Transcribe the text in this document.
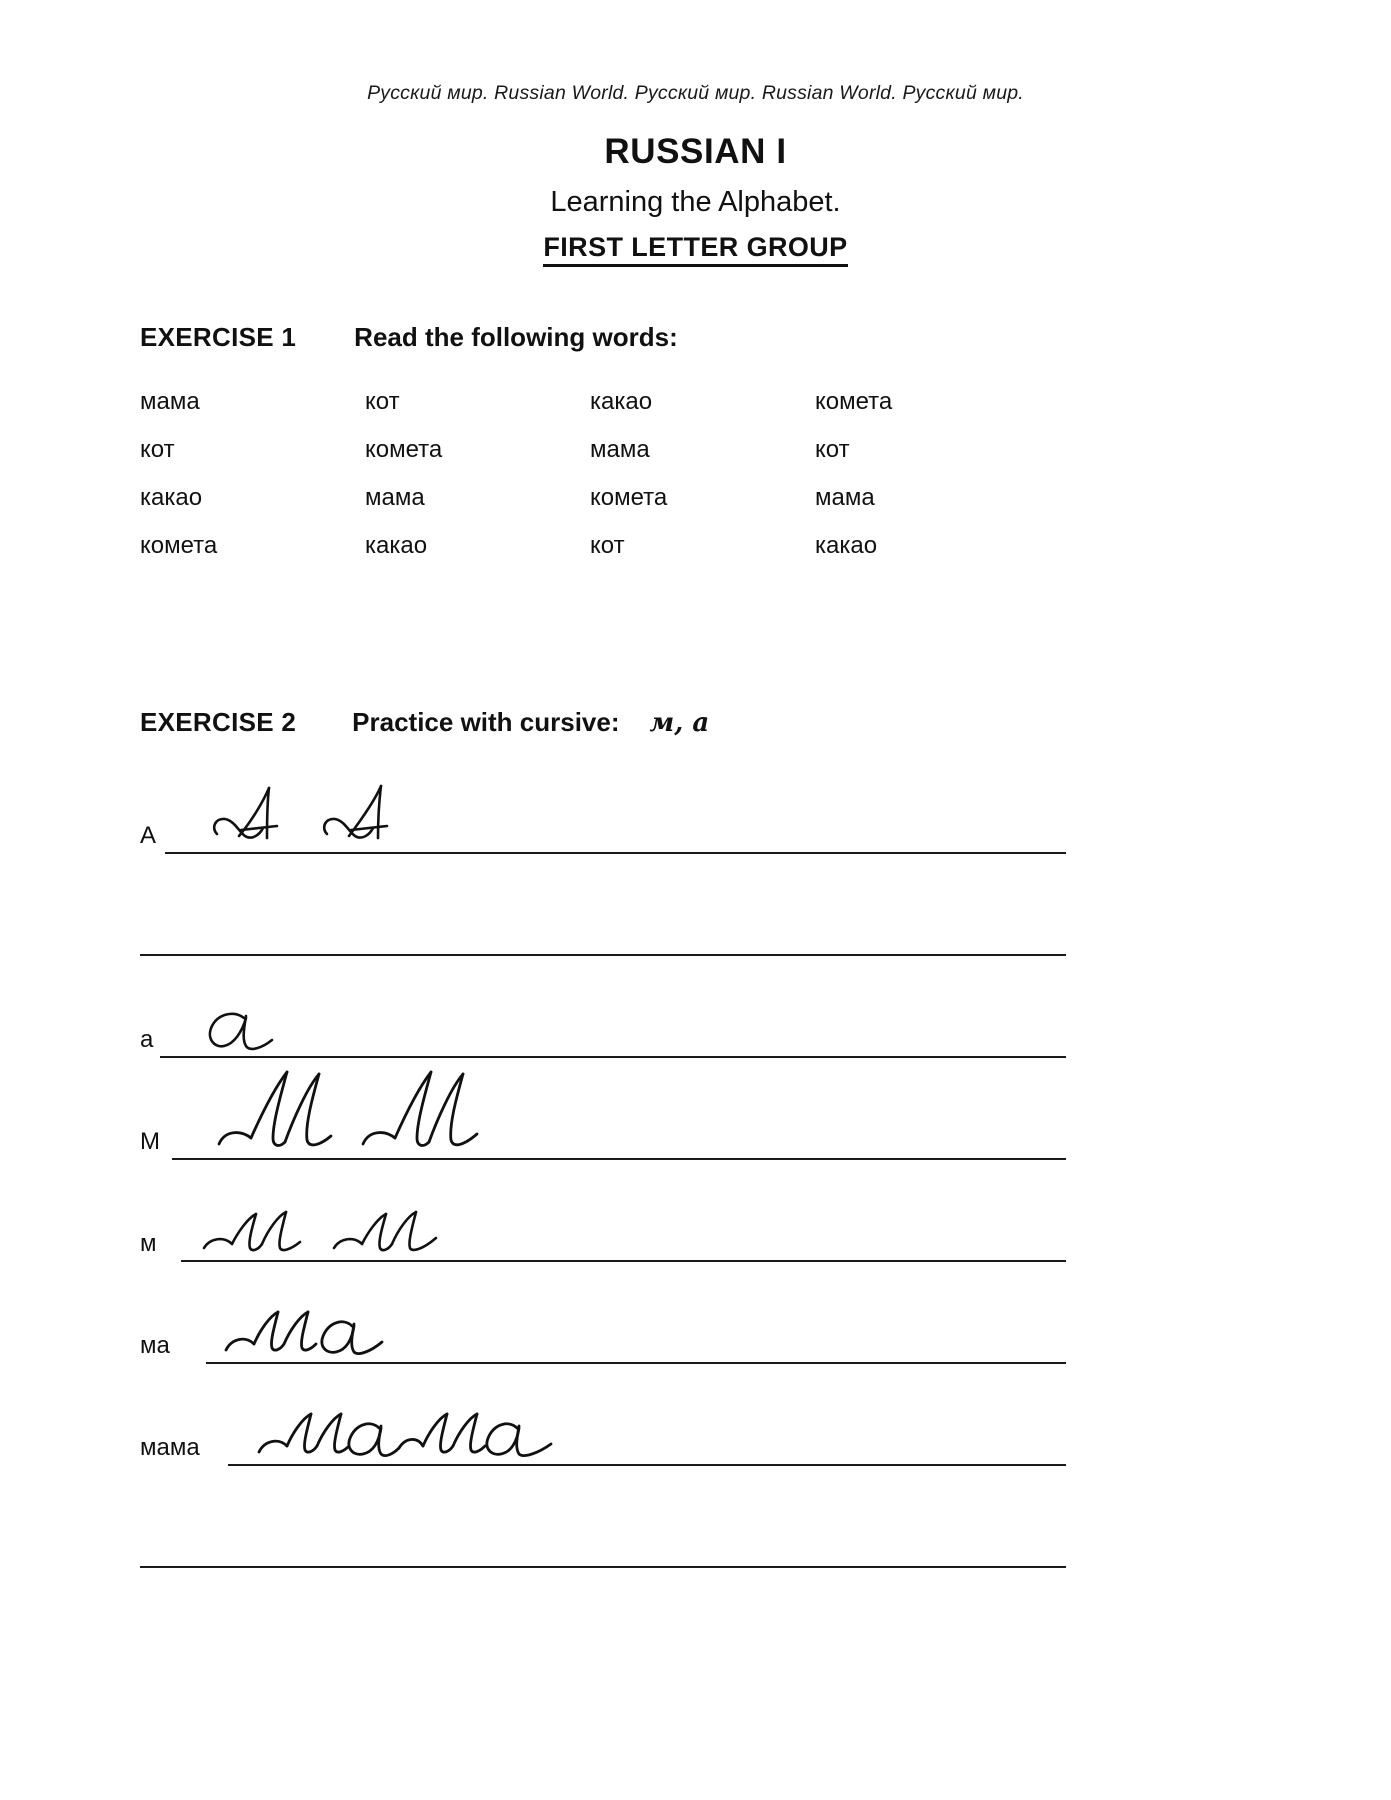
Русский мир. Russian World. Русский мир. Russian World. Русский мир.
RUSSIAN I
Learning the Alphabet.
FIRST LETTER GROUP
EXERCISE 1 Read the following words:
мама	кот	какао	комета
кот	комета	мама	кот
какао	мама	комета	мама
комета	какао	кот	какао
EXERCISE 2 Practice with cursive: м, а
А
а
М
м
ма
мама
